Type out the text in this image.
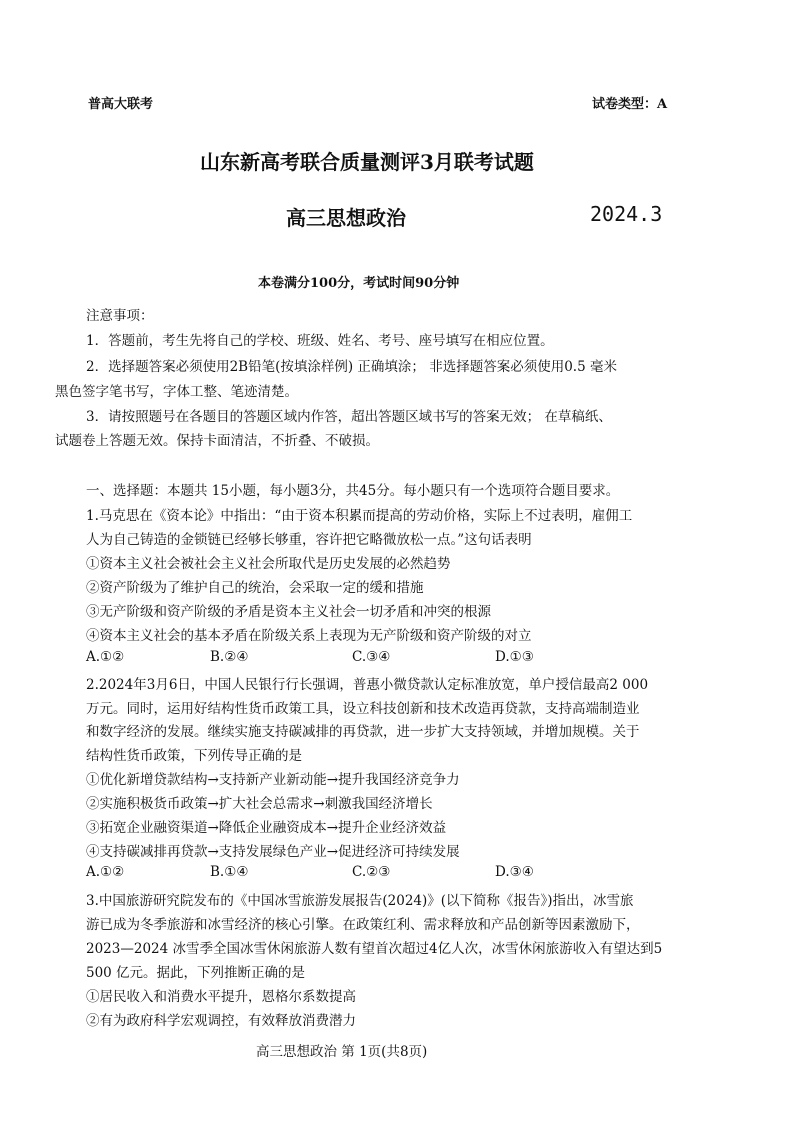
普高大联考	试卷类型：A
山东新高考联合质量测评3月联考试题
高三思想政治	2024.3
本卷满分100分，考试时间90分钟
注意事项：
1．答题前，考生先将自己的学校、班级、姓名、考号、座号填写在相应位置。
2．选择题答案必须使用2B铅笔(按填涂样例) 正确填涂； 非选择题答案必须使用0.5 毫米
黑色签字笔书写，字体工整、笔迹清楚。
3．请按照题号在各题目的答题区域内作答，超出答题区域书写的答案无效； 在草稿纸、
试题卷上答题无效。保持卡面清洁，不折叠、不破损。
一、选择题：本题共 15小题，每小题3分，共45分。每小题只有一个选项符合题目要求。
1.马克思在《资本论》中指出：“由于资本积累而提高的劳动价格，实际上不过表明，雇佣工
人为自己铸造的金锁链已经够长够重，容许把它略微放松一点。”这句话表明
①资本主义社会被社会主义社会所取代是历史发展的必然趋势
②资产阶级为了维护自己的统治，会采取一定的缓和措施
③无产阶级和资产阶级的矛盾是资本主义社会一切矛盾和冲突的根源
④资本主义社会的基本矛盾在阶级关系上表现为无产阶级和资产阶级的对立
A.①②	B.②④	C.③④	D.①③
2.2024年3月6日，中国人民银行行长强调，普惠小微贷款认定标准放宽，单户授信最高2 000
万元。同时，运用好结构性货币政策工具，设立科技创新和技术改造再贷款，支持高端制造业
和数字经济的发展。继续实施支持碳减排的再贷款，进一步扩大支持领域，并增加规模。关于
结构性货币政策，下列传导正确的是
①优化新增贷款结构→支持新产业新动能→提升我国经济竞争力
②实施积极货币政策→扩大社会总需求→刺激我国经济增长
③拓宽企业融资渠道→降低企业融资成本→提升企业经济效益
④支持碳减排再贷款→支持发展绿色产业→促进经济可持续发展
A.①②	B.①④	C.②③	D.③④
3.中国旅游研究院发布的《中国冰雪旅游发展报告(2024)》(以下简称《报告》)指出，冰雪旅
游已成为冬季旅游和冰雪经济的核心引擎。在政策红利、需求释放和产品创新等因素激励下，
2023—2024 冰雪季全国冰雪休闲旅游人数有望首次超过4亿人次，冰雪休闲旅游收入有望达到5
500 亿元。据此，下列推断正确的是
①居民收入和消费水平提升，恩格尔系数提高
②有为政府科学宏观调控，有效释放消费潜力
高三思想政治 第 1页(共8页)
